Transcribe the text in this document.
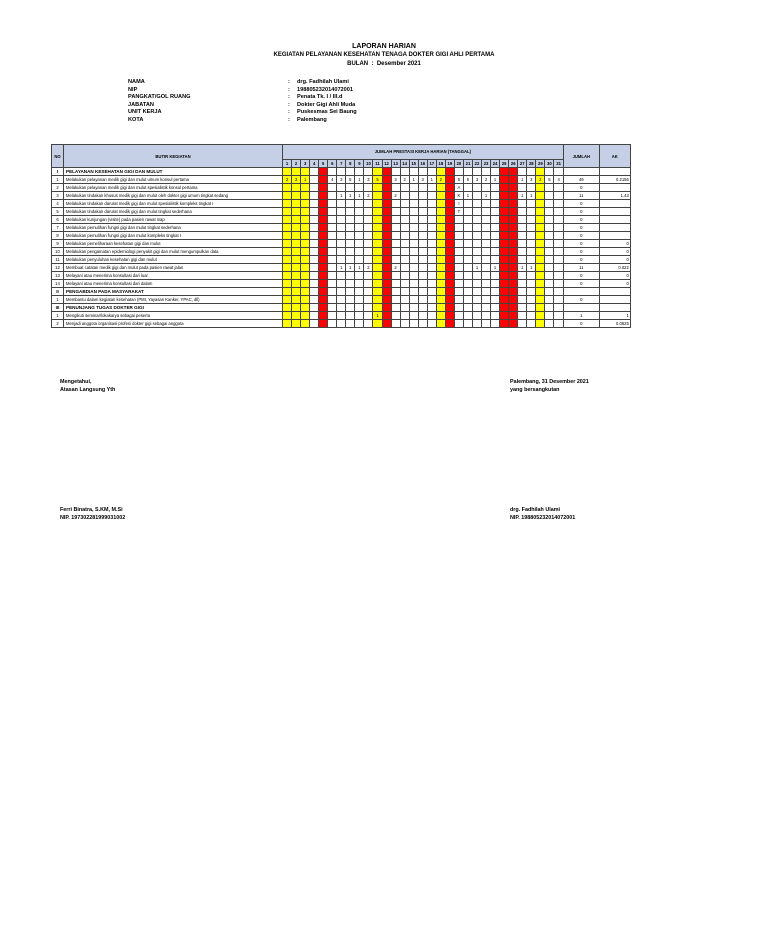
LAPORAN HARIAN
KEGIATAN PELAYANAN KESEHATAN TENAGA DOKTER GIGI AHLI PERTAMA
BULAN  :  Desember 2021
NAMA	: drg. Fadhilah Ulami
NIP	: 198805232014072001
PANGKAT/GOL RUANG	: Penata Tk. I / III.d
JABATAN	: Dokter Gigi Ahli Muda
UNIT KERJA	: Puskesmas Sei Baung
KOTA	: Palembang
NO	BUTIR KEGIATAN	JUMLAH PRESTASI KERJA HARIAN (TANGGAL)																															JUMLAH	AK
		1	2	3	4	5	6	7	8	9	10	11	12	13	14	15	16	17	18	19	20	21	22	23	24	25	26	27	28	29	30	31		
I	PELAYANAN KESEHATAN GIGI DAN MULUT																																	
1	Melakukan pelayanan medik gigi dan mulut umum konsul pertama	2	3	1			4	3	5	1	3	5		3	2	1	3	1	2		5	5	3	2	1			1	3	2	5	4	49	0.2156
2	Melakukan pelayanan medik gigi dan mulut spesialistik konsul pertama																				A												0	
3	Melakukan tindakan khusus medik gigi dan mulut oleh dokter gigi umum tingkat sedang							1	1	1	2			2							K	1		1				1	1				11	1.43
4	Melakukan tindakan darurat medik gigi dan mulut spesialistik kompleks tingkat I																				I												0	
5	Melakukan tindakan darurat medik gigi dan mulut tingkat sederhana																				T												0	
6	Melakukan kunjungan (visite) pada pasien rawat inap																																0	
7	Melakukan pemulihan fungsi gigi dan mulut tingkat sederhana																																0	
8	Melakukan pemulihan fungsi gigi dan mulut kompleks tingkat I																																0	
9	Melakukan pemeliharaan kesehatan gigi dan mulut																																0	0
10	Melakukan pengamatan epidemiologi penyakit gigi dan mulut mengumpulkan data																																0	0
11	Melakukan penyuluhan kesehatan gigi dan mulut																																0	0
12	Membuat catatan medik gigi dan mulut pada pasien rawat jalan							1	1	1	2			2									1		1			1	1				11	0.022
13	Melayani atau menerima konsultasi dari luar																																0	0
14	Melayani atau menerima konsultasi dari dalam																																0	0
II	PENGABDIAN PADA MASYARAKAT																																	
1	Membantu dalam kegiatan kesehatan (PMI, Yayasan Kanker, YPAC, dll)																																0	
III	PENUNJANG TUGAS DOKTER GIGI																																	
1	Mengikuti seminar/lokakarya sebagai peserta											1																					1	1
2	Menjadi anggota organisasi profesi dokter gigi sebagai anggota																																0	0.0625
Mengetahui,
Atasan Langsung Yth
Palembang, 31 Desember 2021
yang bersangkutan
Ferri Binatra, S.KM, M.Si
NIP. 197302281999031002
drg. Fadhilah Ulami
NIP. 198805232014072001
